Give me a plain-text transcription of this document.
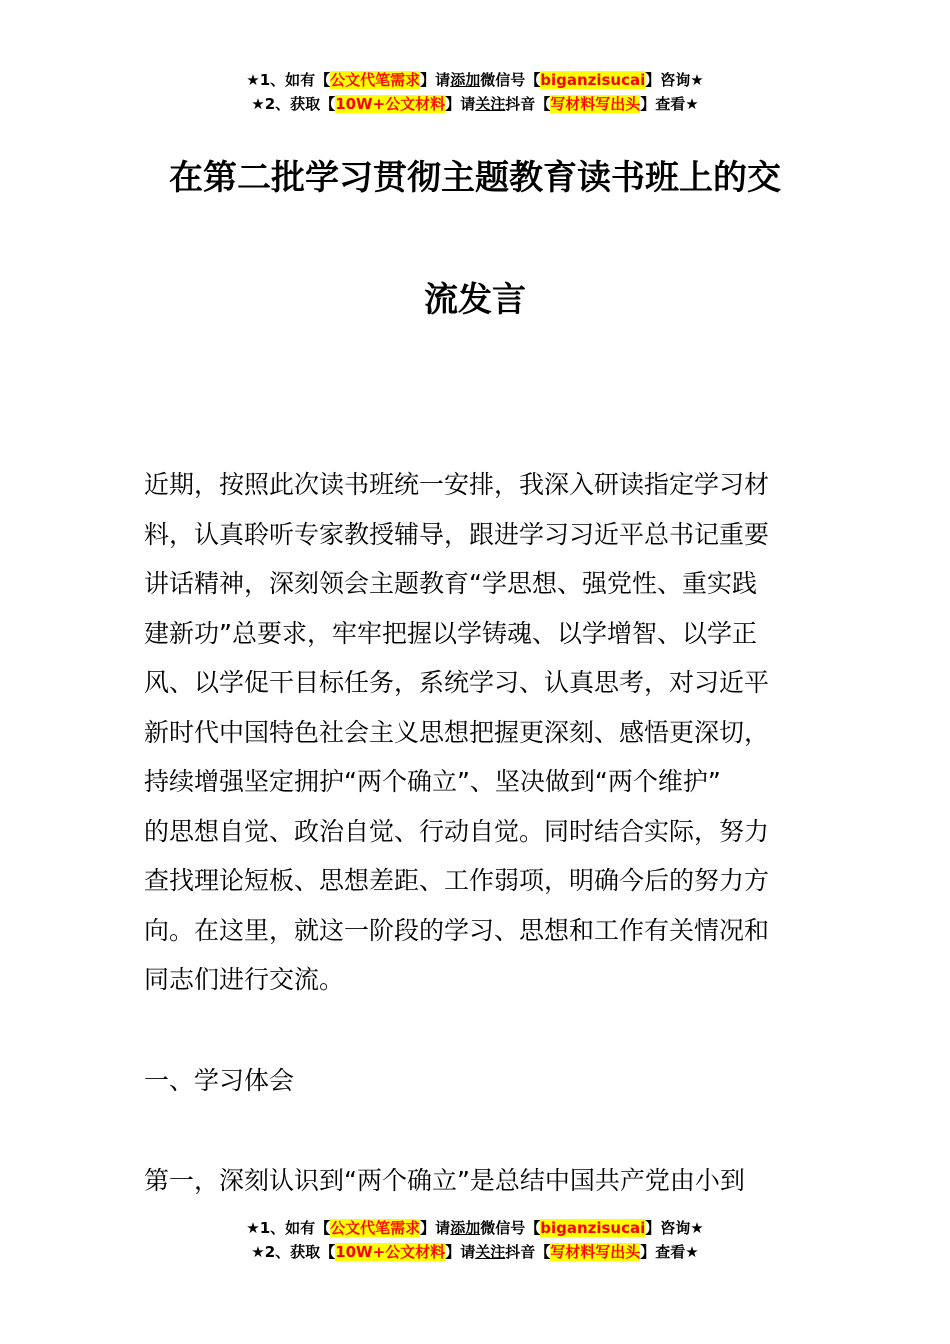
★1、如有【公文代笔需求】请添加微信号【biganzisucai】咨询★
★2、获取【10W+公文材料】请关注抖音【写材料写出头】查看★
在第二批学习贯彻主题教育读书班上的交
流发言
近期，按照此次读书班统一安排，我深入研读指定学习材
料，认真聆听专家教授辅导，跟进学习习近平总书记重要
讲话精神，深刻领会主题教育“学思想、强党性、重实践
建新功”总要求，牢牢把握以学铸魂、以学增智、以学正
风、以学促干目标任务，系统学习、认真思考，对习近平
新时代中国特色社会主义思想把握更深刻、感悟更深切，
持续增强坚定拥护“两个确立”、坚决做到“两个维护”
的思想自觉、政治自觉、行动自觉。同时结合实际，努力
查找理论短板、思想差距、工作弱项，明确今后的努力方
向。在这里，就这一阶段的学习、思想和工作有关情况和
同志们进行交流。
一、学习体会
第一，深刻认识到“两个确立”是总结中国共产党由小到
★1、如有【公文代笔需求】请添加微信号【biganzisucai】咨询★
★2、获取【10W+公文材料】请关注抖音【写材料写出头】查看★
